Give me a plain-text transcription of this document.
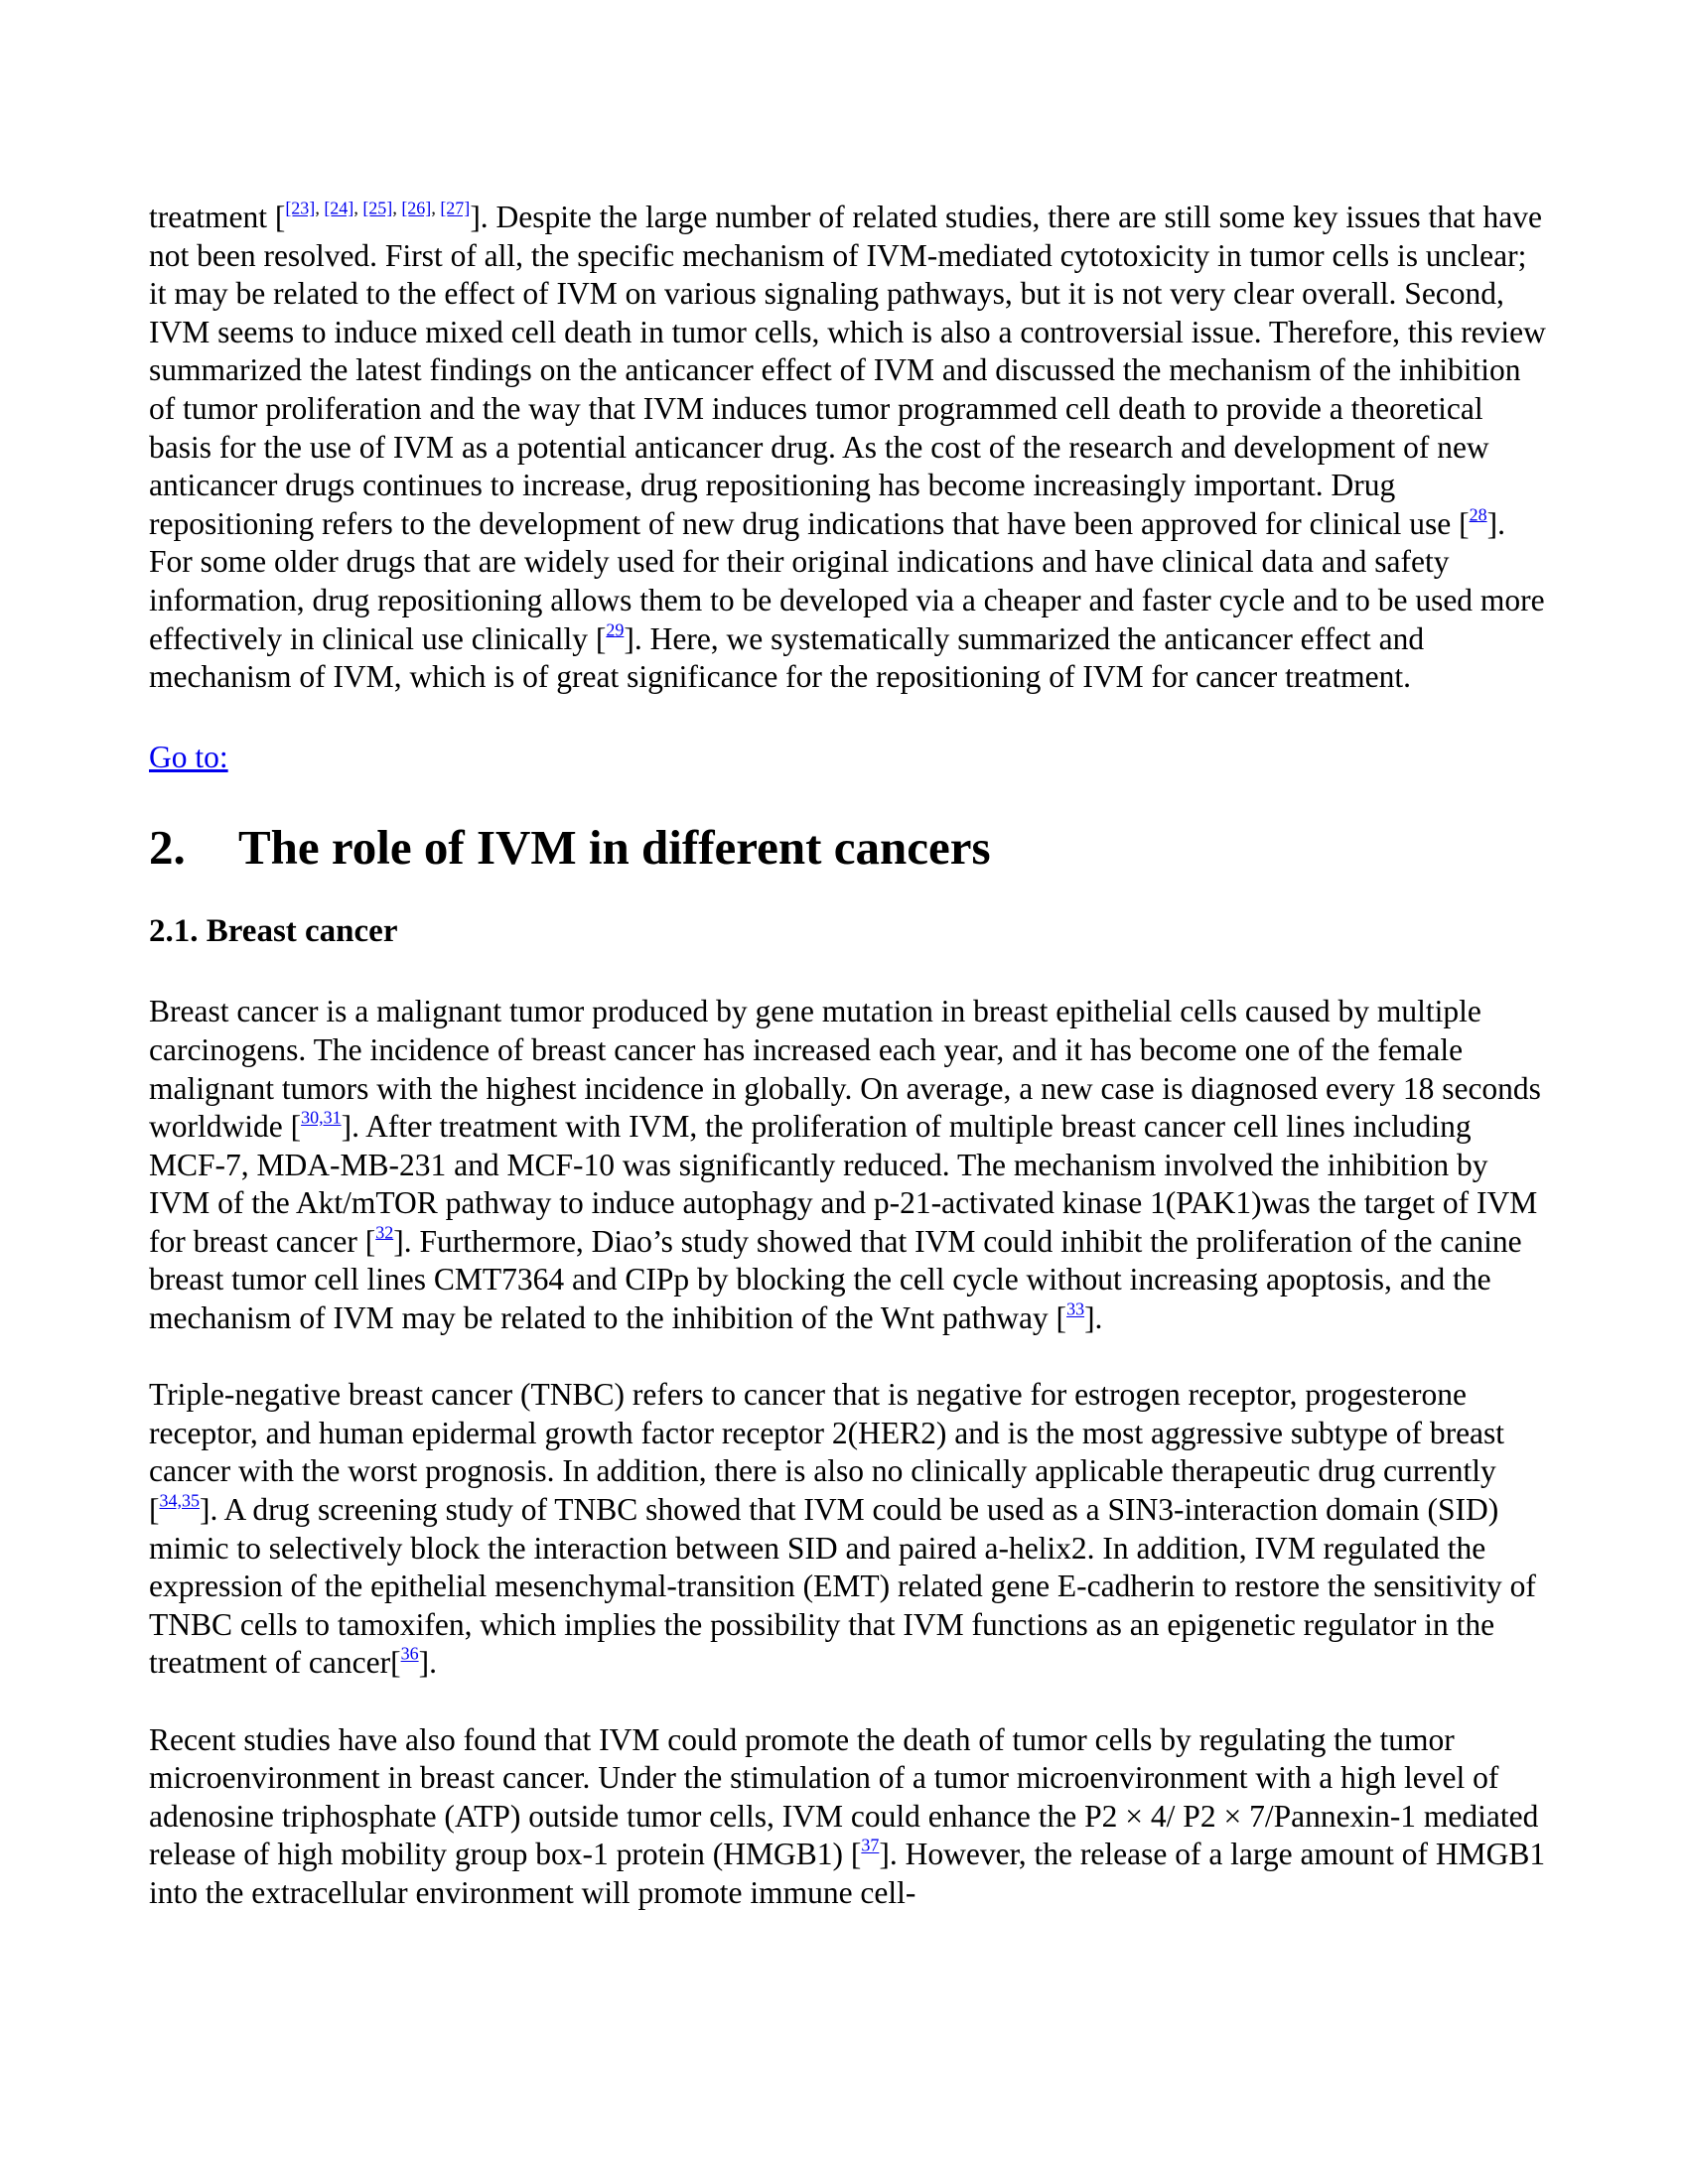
treatment [[23], [24], [25], [26], [27]]. Despite the large number of related studies, there are still some key issues that have not been resolved. First of all, the specific mechanism of IVM-mediated cytotoxicity in tumor cells is unclear; it may be related to the effect of IVM on various signaling pathways, but it is not very clear overall. Second, IVM seems to induce mixed cell death in tumor cells, which is also a controversial issue. Therefore, this review summarized the latest findings on the anticancer effect of IVM and discussed the mechanism of the inhibition of tumor proliferation and the way that IVM induces tumor programmed cell death to provide a theoretical basis for the use of IVM as a potential anticancer drug. As the cost of the research and development of new anticancer drugs continues to increase, drug repositioning has become increasingly important. Drug repositioning refers to the development of new drug indications that have been approved for clinical use [$^{28}$]. For some older drugs that are widely used for their original indications and have clinical data and safety information, drug repositioning allows them to be developed via a cheaper and faster cycle and to be used more effectively in clinical use clinically [$^{29}$]. Here, we systematically summarized the anticancer effect and mechanism of IVM, which is of great significance for the repositioning of IVM for cancer treatment.

Go to:
2. The role of IVM in different cancers
2.1. Breast cancer

Breast cancer is a malignant tumor produced by gene mutation in breast epithelial cells caused by multiple carcinogens. The incidence of breast cancer has increased each year, and it has become one of the female malignant tumors with the highest incidence in globally. On average, a new case is diagnosed every 18 seconds worldwide [$^{30,31}$]. After treatment with IVM, the proliferation of multiple breast cancer cell lines including MCF-7, MDA-MB-231 and MCF-10 was significantly reduced. The mechanism involved the inhibition by IVM of the Akt/mTOR pathway to induce autophagy and p-21-activated kinase 1(PAK1)was the target of IVM for breast cancer [$^{32}$]. Furthermore, Diao’s study showed that IVM could inhibit the proliferation of the canine breast tumor cell lines CMT7364 and CIPp by blocking the cell cycle without increasing apoptosis, and the mechanism of IVM may be related to the inhibition of the Wnt pathway [$^{33}$].

Triple-negative breast cancer (TNBC) refers to cancer that is negative for estrogen receptor, progesterone receptor, and human epidermal growth factor receptor 2(HER2) and is the most aggressive subtype of breast cancer with the worst prognosis. In addition, there is also no clinically applicable therapeutic drug currently [$^{34,35}$]. A drug screening study of TNBC showed that IVM could be used as a SIN3-interaction domain (SID) mimic to selectively block the interaction between SID and paired a-helix2. In addition, IVM regulated the expression of the epithelial mesenchymal-transition (EMT) related gene E-cadherin to restore the sensitivity of TNBC cells to tamoxifen, which implies the possibility that IVM functions as an epigenetic regulator in the treatment of cancer[$^{36}$].

Recent studies have also found that IVM could promote the death of tumor cells by regulating the tumor microenvironment in breast cancer. Under the stimulation of a tumor microenvironment with a high level of adenosine triphosphate (ATP) outside tumor cells, IVM could enhance the P2 × 4/ P2 × 7/Pannexin-1 mediated release of high mobility group box-1 protein (HMGB1) [$^{37}$]. However, the release of a large amount of HMGB1 into the extracellular environment will promote immune cell-
